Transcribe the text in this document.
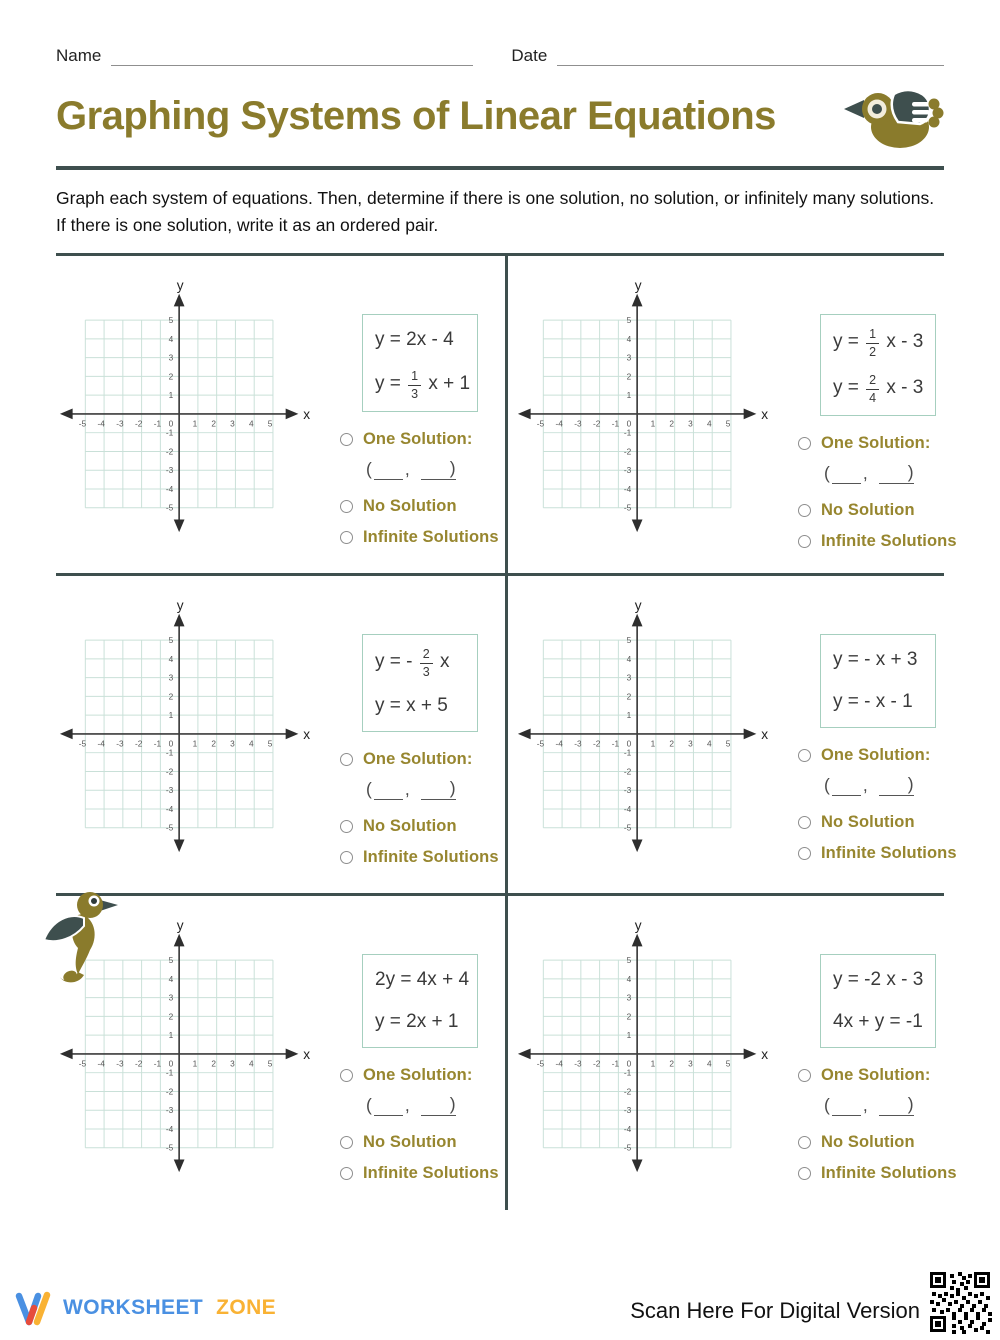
Name	Date
Graphing Systems of Linear Equations
Graph each system of equations. Then, determine if there is one solution, no solution, or infinitely many solutions. If there is one solution, write it as an ordered pair.
y
x
-5 -4 -3 -2 -1	1 2 3 4 5
-5
-4
-3
-2
-1
1
2
3
4
5
0
y = 2x - 4
$y = \frac{1}{3}$ x + 1
One Solution:
( , )
No Solution
Infinite Solutions
y
x
-5 -4 -3 -2 -1	1 2 3 4 5
-5
-4
-3
-2
-1
1
2
3
4
5
0
$y = \frac{1}{2}$ x - 3
$y = \frac{2}{4}$ x - 3
One Solution:
( , )
No Solution
Infinite Solutions
y
x
-5 -4 -3 -2 -1	1 2 3 4 5
-5
-4
-3
-2
-1
1
2
3
4
5
0
y = - $\frac{2}{3}$ x
y = x + 5
One Solution:
( , )
No Solution
Infinite Solutions
y
x
-5 -4 -3 -2 -1	1 2 3 4 5
-5
-4
-3
-2
-1
1
2
3
4
5
0
y = - x + 3
y = - x - 1
One Solution:
( , )
No Solution
Infinite Solutions
y
x
-5 -4 -3 -2 -1	1 2 3 4 5
-5
-4
-3
-2
-1
1
2
3
4
5
0
2y = 4x + 4
y = 2x + 1
One Solution:
( , )
No Solution
Infinite Solutions
y
x
-5 -4 -3 -2 -1	1 2 3 4 5
-5
-4
-3
-2
-1
1
2
3
4
5
0
y = -2 x - 3
4x + y = -1
One Solution:
( , )
No Solution
Infinite Solutions
WORKSHEET ZONE	Scan Here For Digital Version
